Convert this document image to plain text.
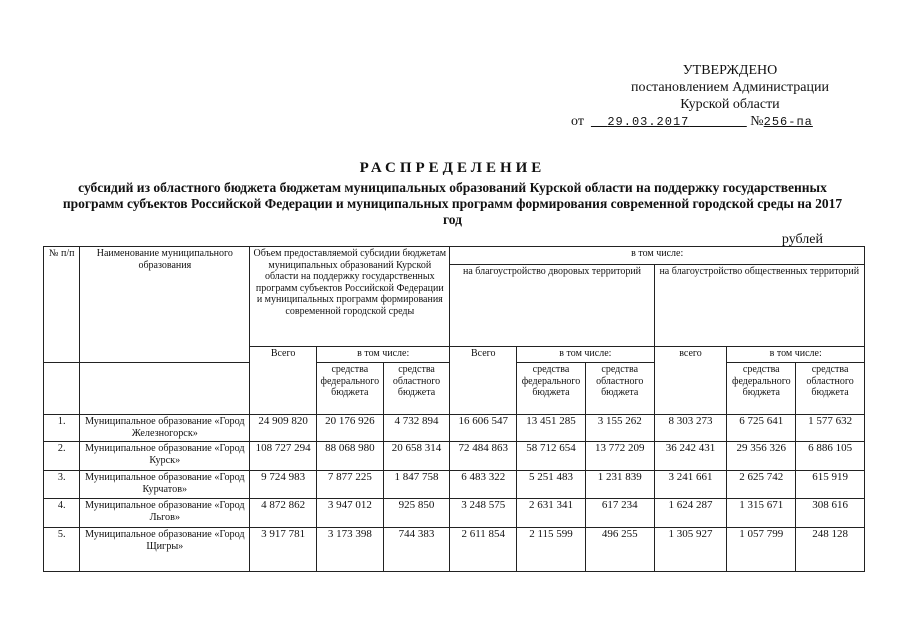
УТВЕРЖДЕНО
постановлением Администрации
Курской области
от 29.03.2017	№256-па
РАСПРЕДЕЛЕНИЕ
субсидий из областного бюджета бюджетам муниципальных образований Курской области на поддержку государственных программ субъектов Российской Федерации и муниципальных программ формирования современной городской среды на 2017 год
рублей
№ п/п	Наименование муниципального образования	Объем предоставляемой субсидии бюджетам муниципальных образований Курской области на поддержку государственных программ субъектов Российской Федерации и муниципальных программ формирования современной городской среды			в том числе:					
					на благоустройство дворовых территорий			на благоустройство общественных территорий		
		Всего	в том числе:		Всего	в том числе:		всего	в том числе:	
			средства федерального бюджета	средства областного бюджета		средства федерального бюджета	средства областного бюджета		средства федерального бюджета	средства областного бюджета
1.	Муниципальное образование «Город Железногорск»	24 909 820	20 176 926	4 732 894	16 606 547	13 451 285	3 155 262	8 303 273	6 725 641	1 577 632
2.	Муниципальное образование «Город Курск»	108 727 294	88 068 980	20 658 314	72 484 863	58 712 654	13 772 209	36 242 431	29 356 326	6 886 105
3.	Муниципальное образование «Город Курчатов»	9 724 983	7 877 225	1 847 758	6 483 322	5 251 483	1 231 839	3 241 661	2 625 742	615 919
4.	Муниципальное образование «Город Льгов»	4 872 862	3 947 012	925 850	3 248 575	2 631 341	617 234	1 624 287	1 315 671	308 616
5.	Муниципальное образование «Город Щигры»	3 917 781	3 173 398	744 383	2 611 854	2 115 599	496 255	1 305 927	1 057 799	248 128
